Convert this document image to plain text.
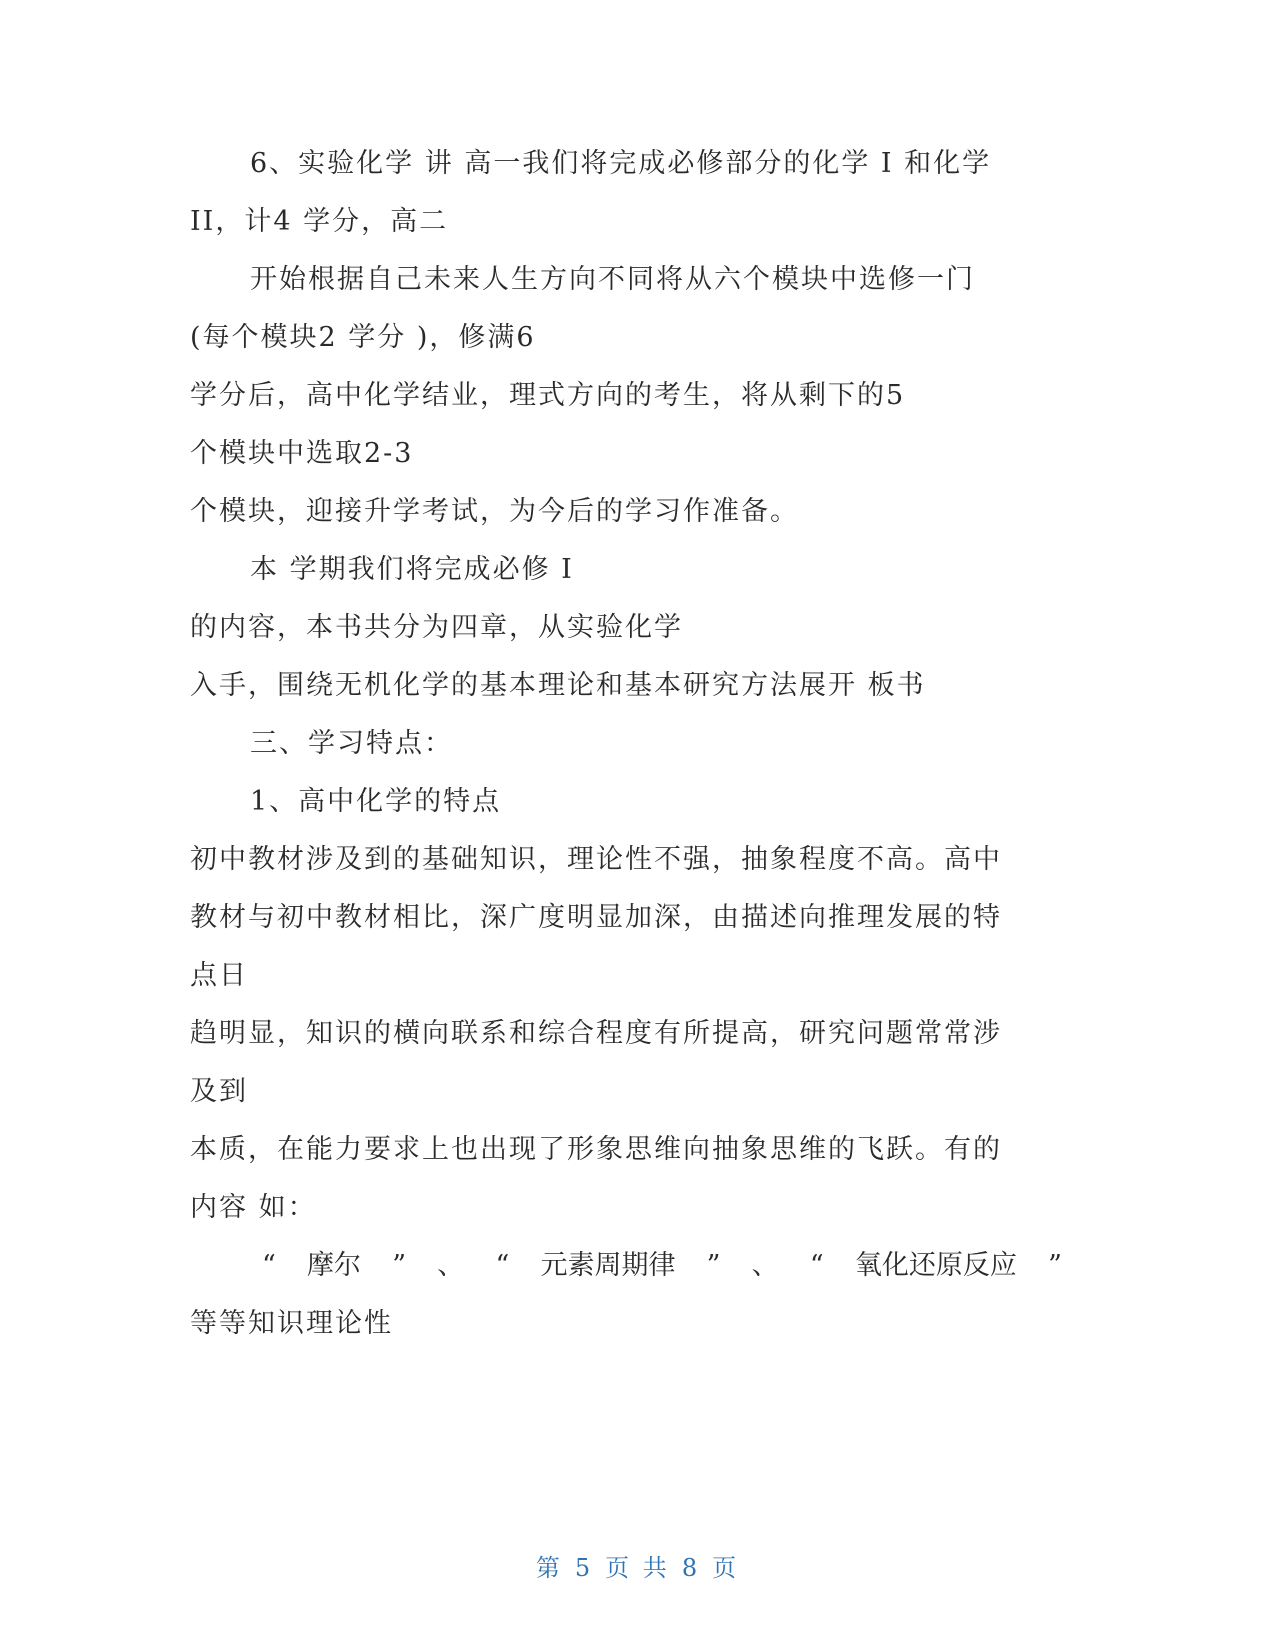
6、实验化学 讲 高一我们将完成必修部分的化学 I 和化学
II，计4 学分，高二
开始根据自己未来人生方向不同将从六个模块中选修一门
(每个模块2 学分 )，修满6
学分后，高中化学结业，理式方向的考生，将从剩下的5
个模块中选取2-3
个模块，迎接升学考试，为今后的学习作准备。
本 学期我们将完成必修 I
的内容，本书共分为四章，从实验化学
入手，围绕无机化学的基本理论和基本研究方法展开 板书
三、学习特点：
1、高中化学的特点
初中教材涉及到的基础知识，理论性不强，抽象程度不高。高中
教材与初中教材相比，深广度明显加深，由描述向推理发展的特
点日
趋明显，知识的横向联系和综合程度有所提高，研究问题常常涉
及到
本质，在能力要求上也出现了形象思维向抽象思维的飞跃。有的
内容 如：
“ 摩尔 ” 、 “ 元素周期律 ” 、 “ 氧化还原反应 ”
等等知识理论性
第 5 页 共 8 页
